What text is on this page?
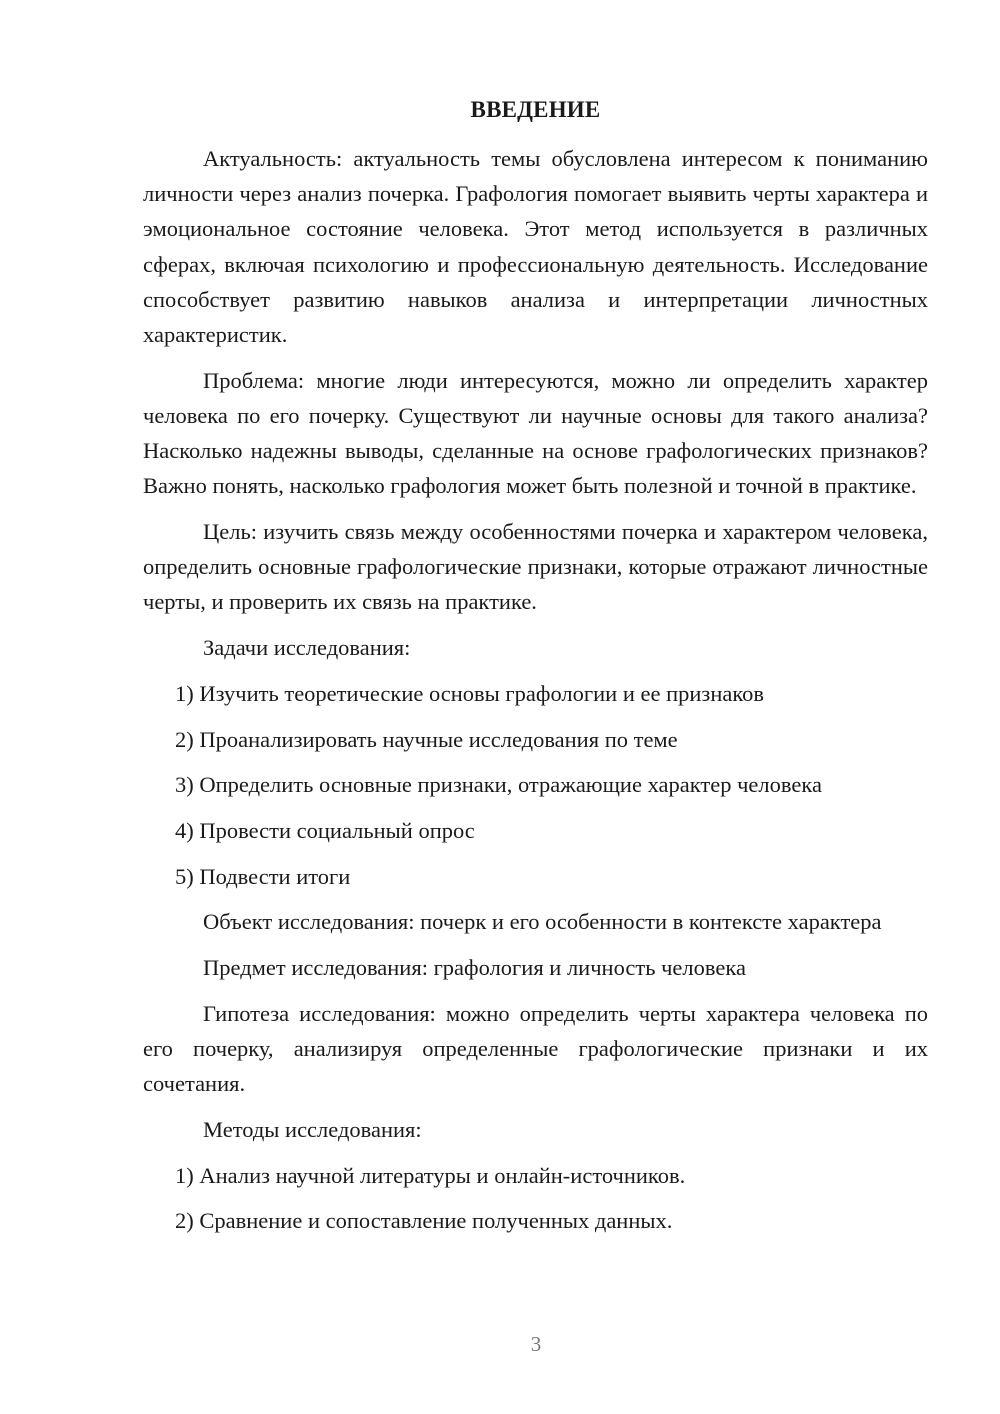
ВВЕДЕНИЕ

Актуальность: актуальность темы обусловлена интересом к пониманию личности через анализ почерка. Графология помогает выявить черты характера и эмоциональное состояние человека. Этот метод используется в различных сферах, включая психологию и профессиональную деятельность. Исследование способствует развитию навыков анализа и интерпретации личностных характеристик.

Проблема: многие люди интересуются, можно ли определить характер человека по его почерку. Существуют ли научные основы для такого анализа? Насколько надежны выводы, сделанные на основе графологических признаков? Важно понять, насколько графология может быть полезной и точной в практике.

Цель: изучить связь между особенностями почерка и характером человека, определить основные графологические признаки, которые отражают личностные черты, и проверить их связь на практике.

Задачи исследования:

1) Изучить теоретические основы графологии и ее признаков
2) Проанализировать научные исследования по теме
3) Определить основные признаки, отражающие характер человека
4) Провести социальный опрос
5) Подвести итоги

Объект исследования: почерк и его особенности в контексте характера

Предмет исследования: графология и личность человека

Гипотеза исследования: можно определить черты характера человека по его почерку, анализируя определенные графологические признаки и их сочетания.

Методы исследования:

1) Анализ научной литературы и онлайн-источников.
2) Сравнение и сопоставление полученных данных.
3
